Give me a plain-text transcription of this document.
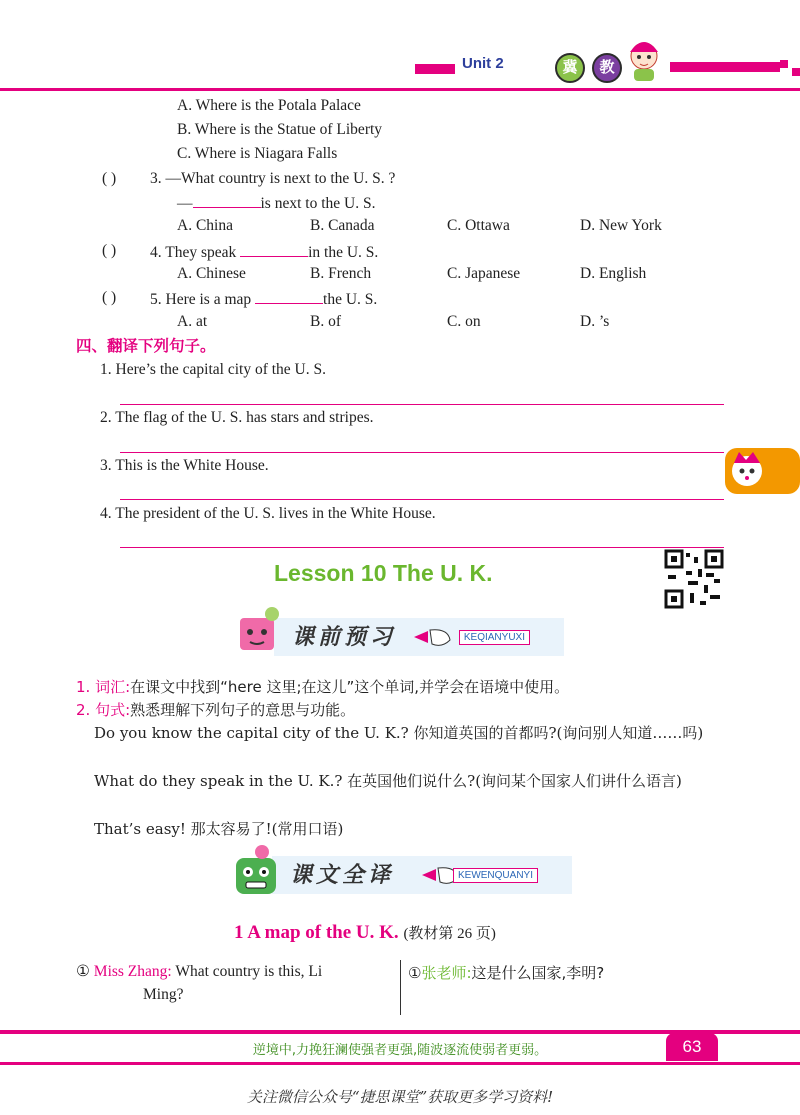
Unit 2	冀	教
A. Where is the Potala Palace
B. Where is the Statue of Liberty
C. Where is Niagara Falls
( ) 3. —What country is next to the U. S. ?
—	is next to the U. S.
A. China	B. Canada	C. Ottawa	D. New York
( ) 4. They speak	in the U. S.
A. Chinese	B. French	C. Japanese	D. English
( ) 5. Here is a map	the U. S.
A. at	B. of	C. on	D. ’s
四、翻译下列句子。
1. Here’s the capital city of the U. S.
2. The flag of the U. S. has stars and stripes.
3. This is the White House.
4. The president of the U. S. lives in the White House.
Lesson 10 The U. K.
课前预习	KEQIANYUXI
1. 词汇:在课文中找到“here 这里;在这儿”这个单词,并学会在语境中使用。
2. 句式:熟悉理解下列句子的意思与功能。
Do you know the capital city of the U. K.? 你知道英国的首都吗?(询问别人知道……吗)
What do they speak in the U. K.? 在英国他们说什么?(询问某个国家人们讲什么语言)
That’s easy! 那太容易了!(常用口语)
课文全译	KEWENQUANYI
1 A map of the U. K. (教材第 26 页)
① Miss Zhang: What country is this, Li
Ming?
①张老师:这是什么国家,李明?
逆境中,力挽狂澜使强者更强,随波逐流使弱者更弱。	63
关注微信公众号“捷思课堂”获取更多学习资料!
